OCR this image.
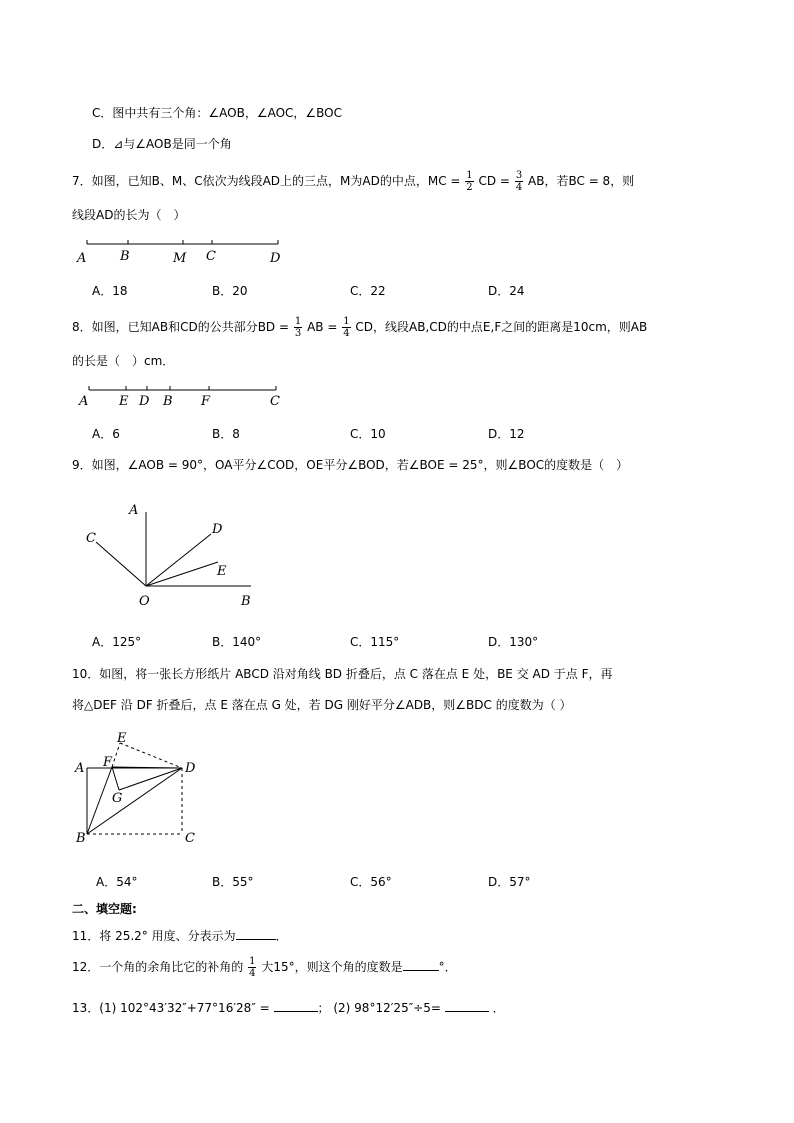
C．图中共有三个角：∠AOB，∠AOC，∠BOC
D．⊿与∠AOB是同一个角
7．如图，已知B、M、C依次为线段AD上的三点，M为AD的中点，MC = $\frac{1}{2}$ CD = $\frac{3}{4}$ AB，若BC = 8，则
线段AD的长为（　）
A	B	M C	D
A．18	B．20	C．22	D．24
8．如图，已知AB和CD的公共部分BD = $\frac{1}{3}$ AB = $\frac{1}{4}$ CD，线段AB,CD的中点E,F之间的距离是10cm，则AB
的长是（　）cm．
A E D B F	C
A．6	B．8	C．10	D．12
9．如图，∠AOB = 90°，OA平分∠COD，OE平分∠BOD，若∠BOE = 25°，则∠BOC的度数是（　）
A
C
D
E
O	B
A．125°	B．140°	C．115°	D．130°
10．如图，将一张长方形纸片 ABCD 沿对角线 BD 折叠后，点 C 落在点 E 处，BE 交 AD 于点 F，再
将△DEF 沿 DF 折叠后，点 E 落在点 G 处，若 DG 刚好平分∠ADB，则∠BDC 的度数为（ ）
E
A F	D
G
B	C
A．54°	B．55°	C．56°	D．57°
二、填空题:
11．将 25.2° 用度、分表示为	．
12．一个角的余角比它的补角的 $\frac{1}{4}$ 大15°，则这个角的度数是	°．
13．(1) 102°43′32″+77°16′28″ =	； (2) 98°12′25″÷5=	．
